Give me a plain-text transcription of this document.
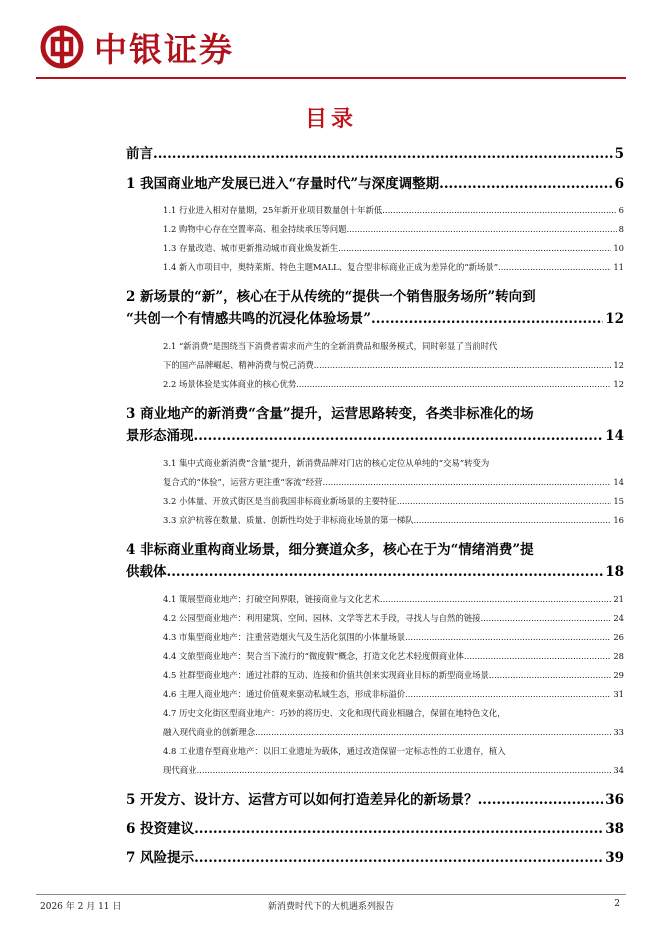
中银证券
目录
前言 .....	5
1 我国商业地产发展已进入“存量时代”与深度调整期 .....	6
1.1 行业进入相对存量期，25年新开业项目数量创十年新低 .....	6
1.2 购物中心存在空置率高、租金持续承压等问题 .....	8
1.3 存量改造、城市更新推动城市商业焕发新生 .....	10
1.4 新入市项目中，奥特莱斯、特色主题MALL、复合型非标商业正成为差异化的“新场景” .....	11
2 新场景的“新”，核心在于从传统的“提供一个销售服务场所”转向到
“共创一个有情感共鸣的沉浸化体验场景” .....	12
2.1 “新消费”是围绕当下消费者需求而产生的全新消费品和服务模式，同时彰显了当前时代
下的国产品牌崛起、精神消费与悦己消费 .....	12
2.2 场景体验是实体商业的核心优势 .....	12
3 商业地产的新消费“含量”提升，运营思路转变，各类非标准化的场
景形态涌现 .....	14
3.1 集中式商业新消费“含量”提升，新消费品牌对门店的核心定位从单纯的“交易”转变为
复合式的“体验”，运营方更注重“客流”经营 .....	14
3.2 小体量、开放式街区是当前我国非标商业新场景的主要特征 .....	15
3.3 京沪杭蓉在数量、质量、创新性均处于非标商业场景的第一梯队 .....	16
4 非标商业重构商业场景，细分赛道众多，核心在于为“情绪消费”提
供载体 .....	18
4.1 策展型商业地产：打破空间界限，链接商业与文化艺术 .....	21
4.2 公园型商业地产：利用建筑、空间、园林、文学等艺术手段，寻找人与自然的链接 .....	24
4.3 市集型商业地产：注重营造烟火气及生活化氛围的小体量场景 .....	26
4.4 文旅型商业地产：契合当下流行的“微度假”概念，打造文化艺术轻度假商业体 .....	28
4.5 社群型商业地产：通过社群的互动、连接和价值共创来实现商业目标的新型商业场景 .....	29
4.6 主理人商业地产：通过价值观来驱动私域生态，形成非标溢价 .....	31
4.7 历史文化街区型商业地产：巧妙的将历史、文化和现代商业相融合，保留在地特色文化，
融入现代商业的创新理念 .....	33
4.8 工业遗存型商业地产：以旧工业遗址为载体，通过改造保留一定标志性的工业遗存，植入
现代商业 .....	34
5 开发方、设计方、运营方可以如何打造差异化的新场景？ .....	36
6 投资建议 .....	38
7 风险提示 .....	39
2026 年 2 月 11 日	新消费时代下的大机遇系列报告	2
